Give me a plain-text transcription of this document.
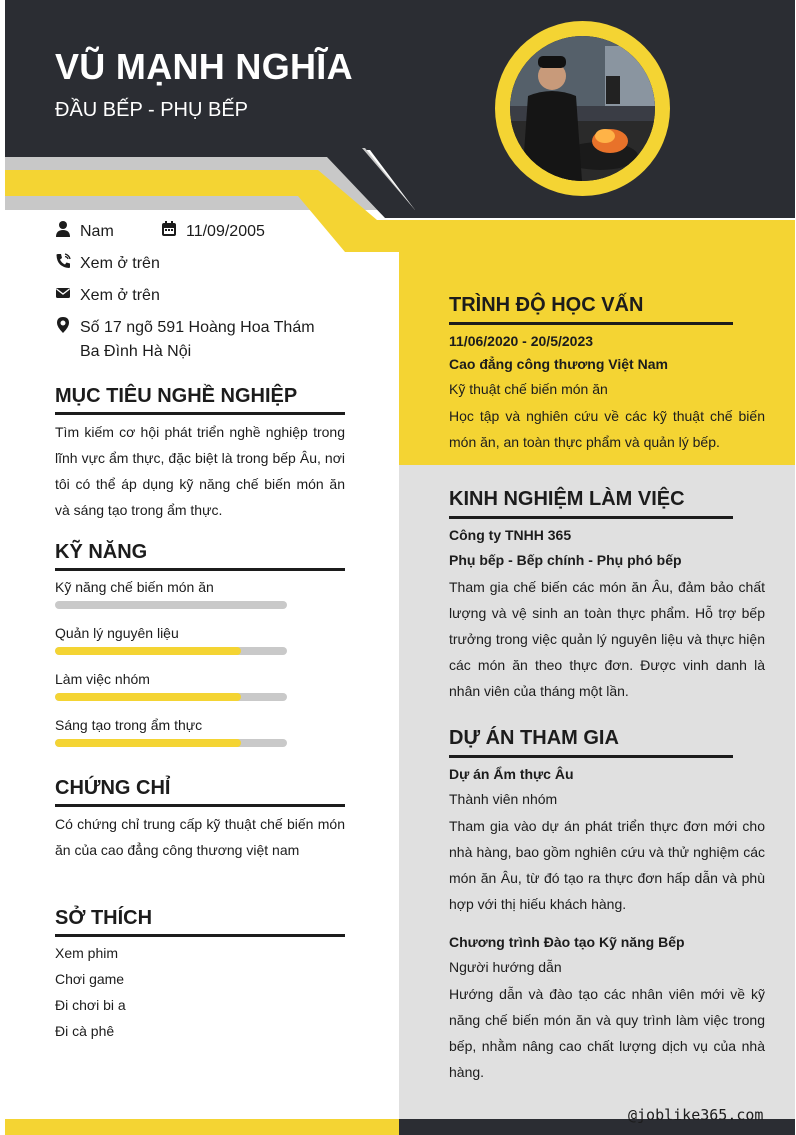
VŨ MẠNH NGHĨA
ĐẦU BẾP - PHỤ BẾP
Nam	11/09/2005
Xem ở trên
Xem ở trên
Số 17 ngõ 591 Hoàng Hoa Thám
Ba Đình Hà Nội
MỤC TIÊU NGHỀ NGHIỆP
Tìm kiếm cơ hội phát triển nghề nghiệp trong lĩnh vực ẩm thực, đặc biệt là trong bếp Âu, nơi tôi có thể áp dụng kỹ năng chế biến món ăn và sáng tạo trong ẩm thực.
KỸ NĂNG
Kỹ năng chế biến món ăn
Quản lý nguyên liệu
Làm việc nhóm
Sáng tạo trong ẩm thực
CHỨNG CHỈ
Có chứng chỉ trung cấp kỹ thuật chế biến món ăn của cao đẳng công thương việt nam
SỞ THÍCH
Xem phim
Chơi game
Đi chơi bi a
Đi cà phê
TRÌNH ĐỘ HỌC VẤN
11/06/2020 - 20/5/2023
Cao đẳng công thương Việt Nam
Kỹ thuật chế biến món ăn
Học tập và nghiên cứu về các kỹ thuật chế biến món ăn, an toàn thực phẩm và quản lý bếp.
KINH NGHIỆM LÀM VIỆC
Công ty TNHH 365
Phụ bếp - Bếp chính - Phụ phó bếp
Tham gia chế biến các món ăn Âu, đảm bảo chất lượng và vệ sinh an toàn thực phẩm. Hỗ trợ bếp trưởng trong việc quản lý nguyên liệu và thực hiện các món ăn theo thực đơn. Được vinh danh là nhân viên của tháng một lần.
DỰ ÁN THAM GIA
Dự án Ẩm thực Âu
Thành viên nhóm
Tham gia vào dự án phát triển thực đơn mới cho nhà hàng, bao gồm nghiên cứu và thử nghiệm các món ăn Âu, từ đó tạo ra thực đơn hấp dẫn và phù hợp với thị hiếu khách hàng.
Chương trình Đào tạo Kỹ năng Bếp
Người hướng dẫn
Hướng dẫn và đào tạo các nhân viên mới về kỹ năng chế biến món ăn và quy trình làm việc trong bếp, nhằm nâng cao chất lượng dịch vụ của nhà hàng.
@joblike365.com
